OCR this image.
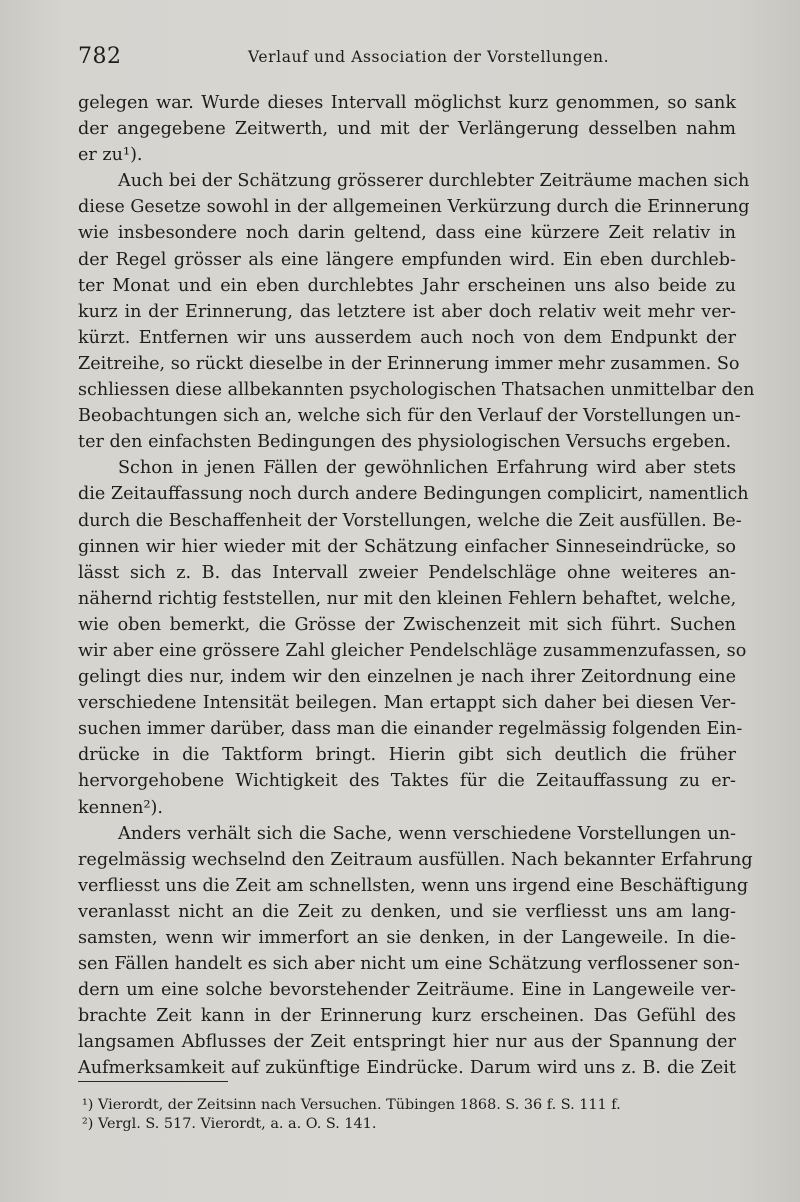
782	Verlauf und Association der Vorstellungen.
gelegen war. Wurde dieses Intervall möglichst kurz genommen, so sank
der angegebene Zeitwerth, und mit der Verlängerung desselben nahm
er zu¹).
Auch bei der Schätzung grösserer durchlebter Zeiträume machen sich
diese Gesetze sowohl in der allgemeinen Verkürzung durch die Erinnerung
wie insbesondere noch darin geltend, dass eine kürzere Zeit relativ in
der Regel grösser als eine längere empfunden wird. Ein eben durchleb-
ter Monat und ein eben durchlebtes Jahr erscheinen uns also beide zu
kurz in der Erinnerung, das letztere ist aber doch relativ weit mehr ver-
kürzt. Entfernen wir uns ausserdem auch noch von dem Endpunkt der
Zeitreihe, so rückt dieselbe in der Erinnerung immer mehr zusammen. So
schliessen diese allbekannten psychologischen Thatsachen unmittelbar den
Beobachtungen sich an, welche sich für den Verlauf der Vorstellungen un-
ter den einfachsten Bedingungen des physiologischen Versuchs ergeben.
Schon in jenen Fällen der gewöhnlichen Erfahrung wird aber stets
die Zeitauffassung noch durch andere Bedingungen complicirt, namentlich
durch die Beschaffenheit der Vorstellungen, welche die Zeit ausfüllen. Be-
ginnen wir hier wieder mit der Schätzung einfacher Sinneseindrücke, so
lässt sich z. B. das Intervall zweier Pendelschläge ohne weiteres an-
nähernd richtig feststellen, nur mit den kleinen Fehlern behaftet, welche,
wie oben bemerkt, die Grösse der Zwischenzeit mit sich führt. Suchen
wir aber eine grössere Zahl gleicher Pendelschläge zusammenzufassen, so
gelingt dies nur, indem wir den einzelnen je nach ihrer Zeitordnung eine
verschiedene Intensität beilegen. Man ertappt sich daher bei diesen Ver-
suchen immer darüber, dass man die einander regelmässig folgenden Ein-
drücke in die Taktform bringt. Hierin gibt sich deutlich die früher
hervorgehobene Wichtigkeit des Taktes für die Zeitauffassung zu er-
kennen²).
Anders verhält sich die Sache, wenn verschiedene Vorstellungen un-
regelmässig wechselnd den Zeitraum ausfüllen. Nach bekannter Erfahrung
verfliesst uns die Zeit am schnellsten, wenn uns irgend eine Beschäftigung
veranlasst nicht an die Zeit zu denken, und sie verfliesst uns am lang-
samsten, wenn wir immerfort an sie denken, in der Langeweile. In die-
sen Fällen handelt es sich aber nicht um eine Schätzung verflossener son-
dern um eine solche bevorstehender Zeiträume. Eine in Langeweile ver-
brachte Zeit kann in der Erinnerung kurz erscheinen. Das Gefühl des
langsamen Abflusses der Zeit entspringt hier nur aus der Spannung der
Aufmerksamkeit auf zukünftige Eindrücke. Darum wird uns z. B. die Zeit
¹) Vierordt, der Zeitsinn nach Versuchen. Tübingen 1868. S. 36 f. S. 111 f.
²) Vergl. S. 517. Vierordt, a. a. O. S. 141.
